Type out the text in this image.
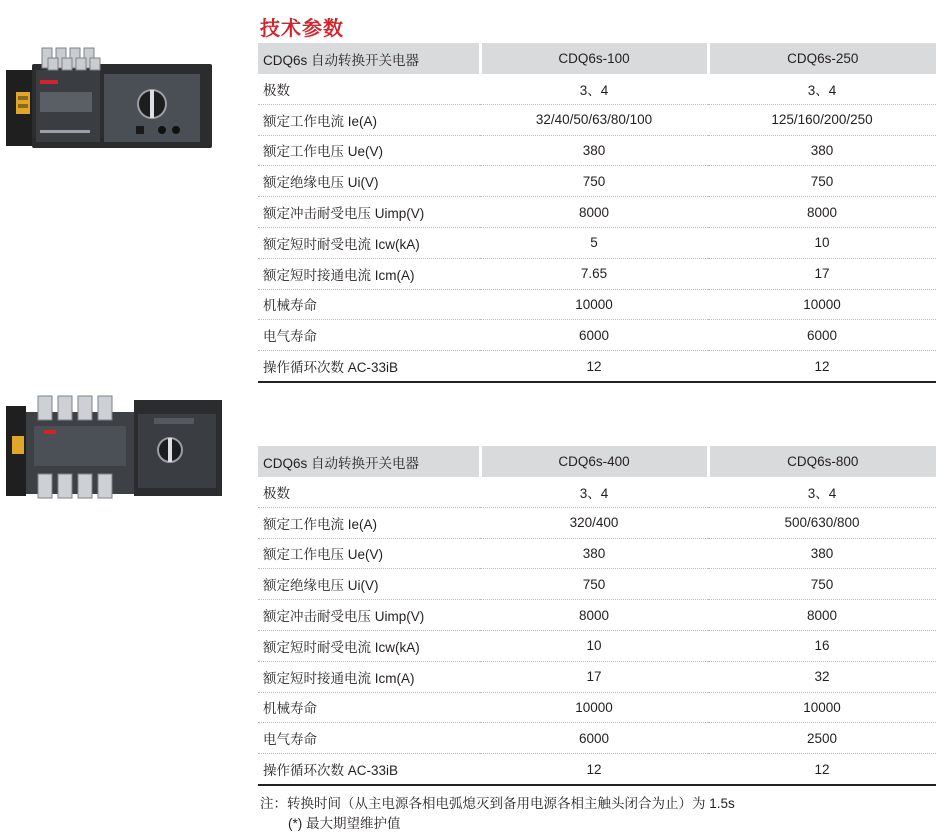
技术参数
CDQ6s 自动转换开关电器	CDQ6s-100	CDQ6s-250
极数	3、4	3、4
额定工作电流 Ie(A)	32/40/50/63/80/100	125/160/200/250
额定工作电压 Ue(V)	380	380
额定绝缘电压 Ui(V)	750	750
额定冲击耐受电压 Uimp(V)	8000	8000
额定短时耐受电流 Icw(kA)	5	10
额定短时接通电流 Icm(A)	7.65	17
机械寿命	10000	10000
电气寿命	6000	6000
操作循环次数 AC-33iB	12	12
CDQ6s 自动转换开关电器	CDQ6s-400	CDQ6s-800
极数	3、4	3、4
额定工作电流 Ie(A)	320/400	500/630/800
额定工作电压 Ue(V)	380	380
额定绝缘电压 Ui(V)	750	750
额定冲击耐受电压 Uimp(V)	8000	8000
额定短时耐受电流 Icw(kA)	10	16
额定短时接通电流 Icm(A)	17	32
机械寿命	10000	10000
电气寿命	6000	2500
操作循环次数 AC-33iB	12	12
注：转换时间（从主电源各相电弧熄灭到备用电源各相主触头闭合为止）为 1.5s
(*) 最大期望维护值
